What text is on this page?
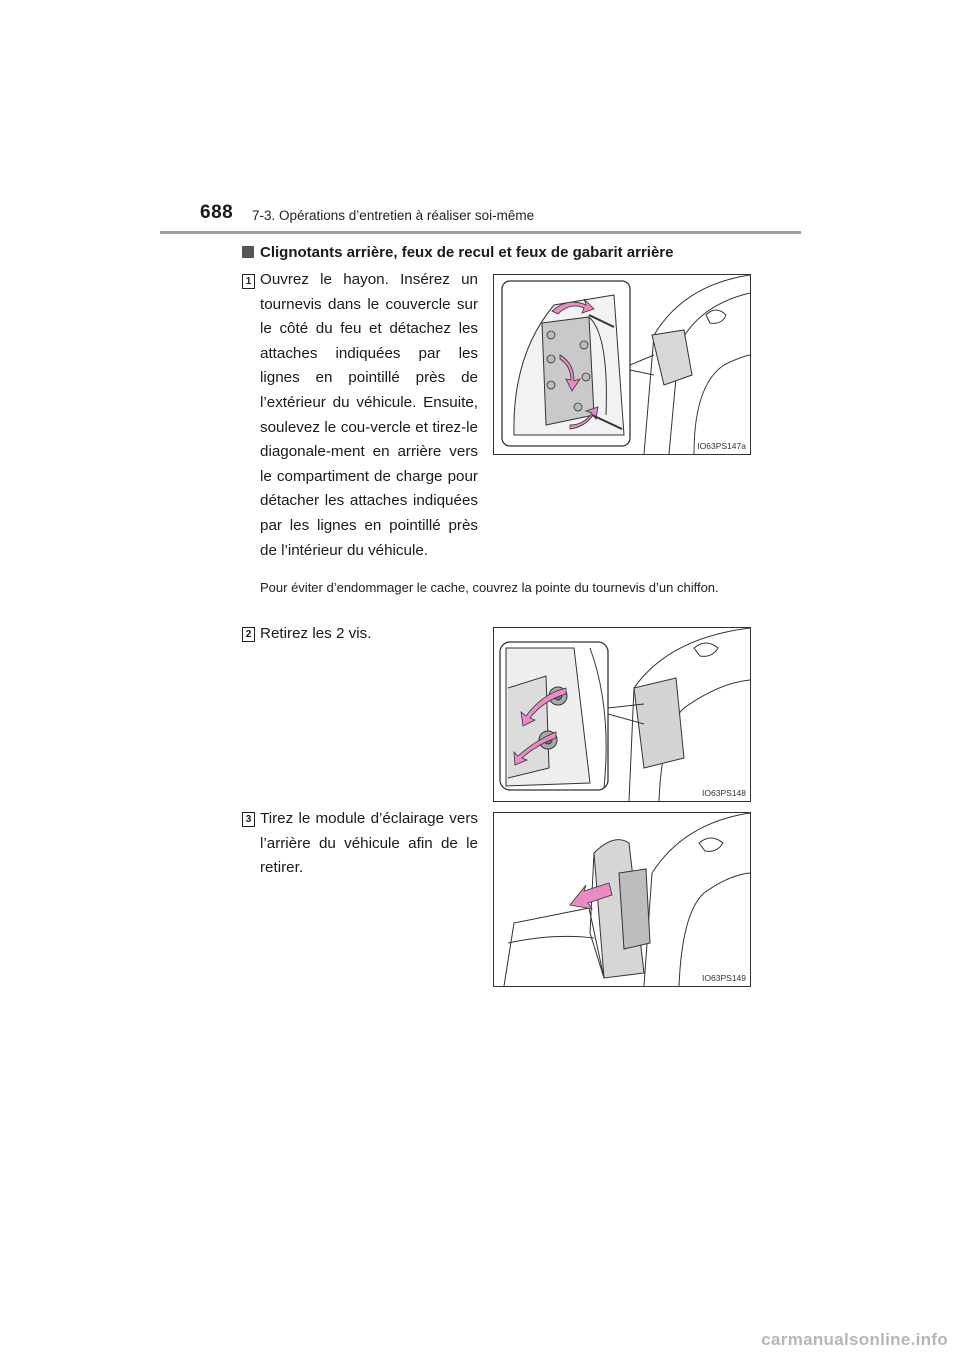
688 7-3. Opérations d’entretien à réaliser soi-même
Clignotants arrière, feux de recul et feux de gabarit arrière
1 Ouvrez le hayon. Insérez un tournevis dans le couvercle sur le côté du feu et détachez les attaches indiquées par les lignes en pointillé près de l’extérieur du véhicule. Ensuite, soulevez le cou-vercle et tirez-le diagonale-ment en arrière vers le compartiment de charge pour détacher les attaches indiquées par les lignes en pointillé près de l’intérieur du véhicule.
IO63PS147a
Pour éviter d’endommager le cache, couvrez la pointe du tournevis d’un chiffon.
2 Retirez les 2 vis.
IO63PS148
3 Tirez le module d’éclairage vers l’arrière du véhicule afin de le retirer.
IO63PS149
carmanualsonline.info
